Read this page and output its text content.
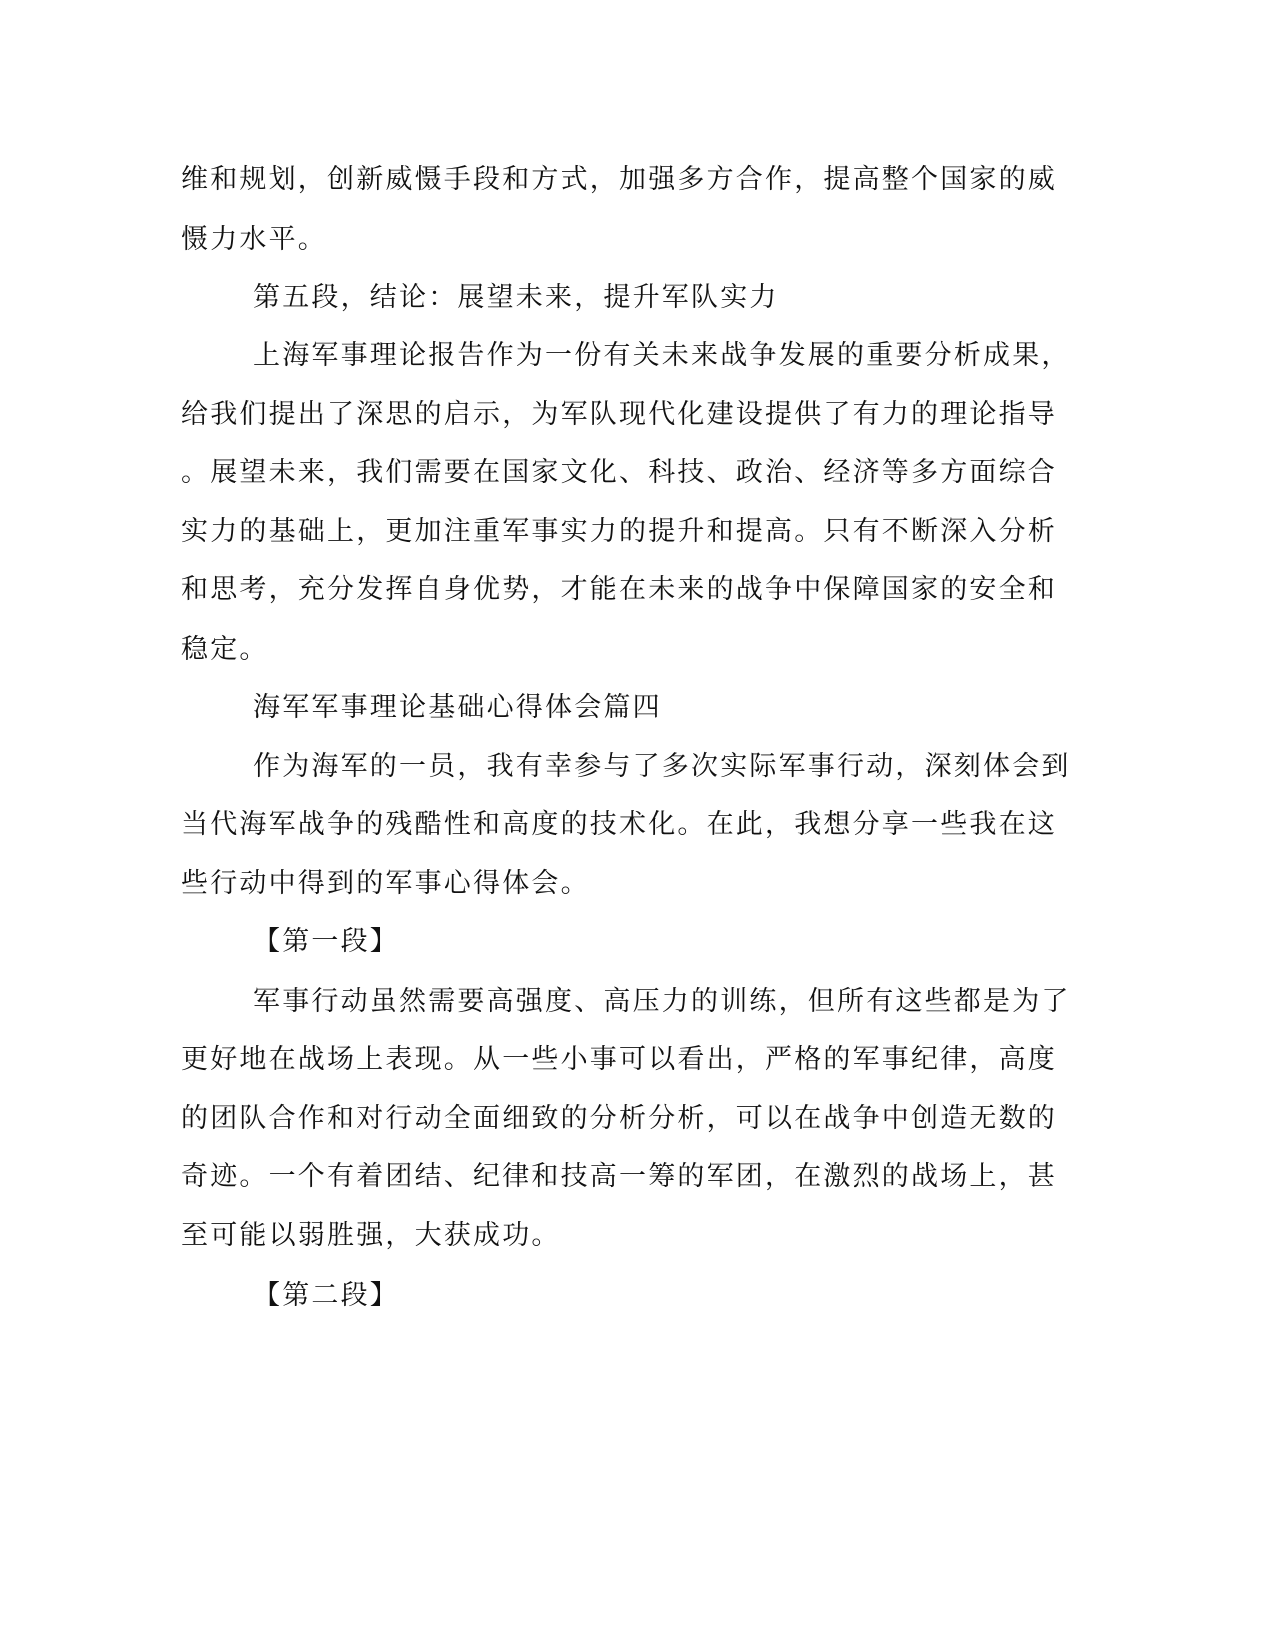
维和规划，创新威慑手段和方式，加强多方合作，提高整个国家的威

慑力水平。

第五段，结论：展望未来，提升军队实力

上海军事理论报告作为一份有关未来战争发展的重要分析成果，

给我们提出了深思的启示，为军队现代化建设提供了有力的理论指导

。展望未来，我们需要在国家文化、科技、政治、经济等多方面综合

实力的基础上，更加注重军事实力的提升和提高。只有不断深入分析

和思考，充分发挥自身优势，才能在未来的战争中保障国家的安全和

稳定。

海军军事理论基础心得体会篇四

作为海军的一员，我有幸参与了多次实际军事行动，深刻体会到

当代海军战争的残酷性和高度的技术化。在此，我想分享一些我在这

些行动中得到的军事心得体会。

【第一段】

军事行动虽然需要高强度、高压力的训练，但所有这些都是为了

更好地在战场上表现。从一些小事可以看出，严格的军事纪律，高度

的团队合作和对行动全面细致的分析分析，可以在战争中创造无数的

奇迹。一个有着团结、纪律和技高一筹的军团，在激烈的战场上，甚

至可能以弱胜强，大获成功。

【第二段】
